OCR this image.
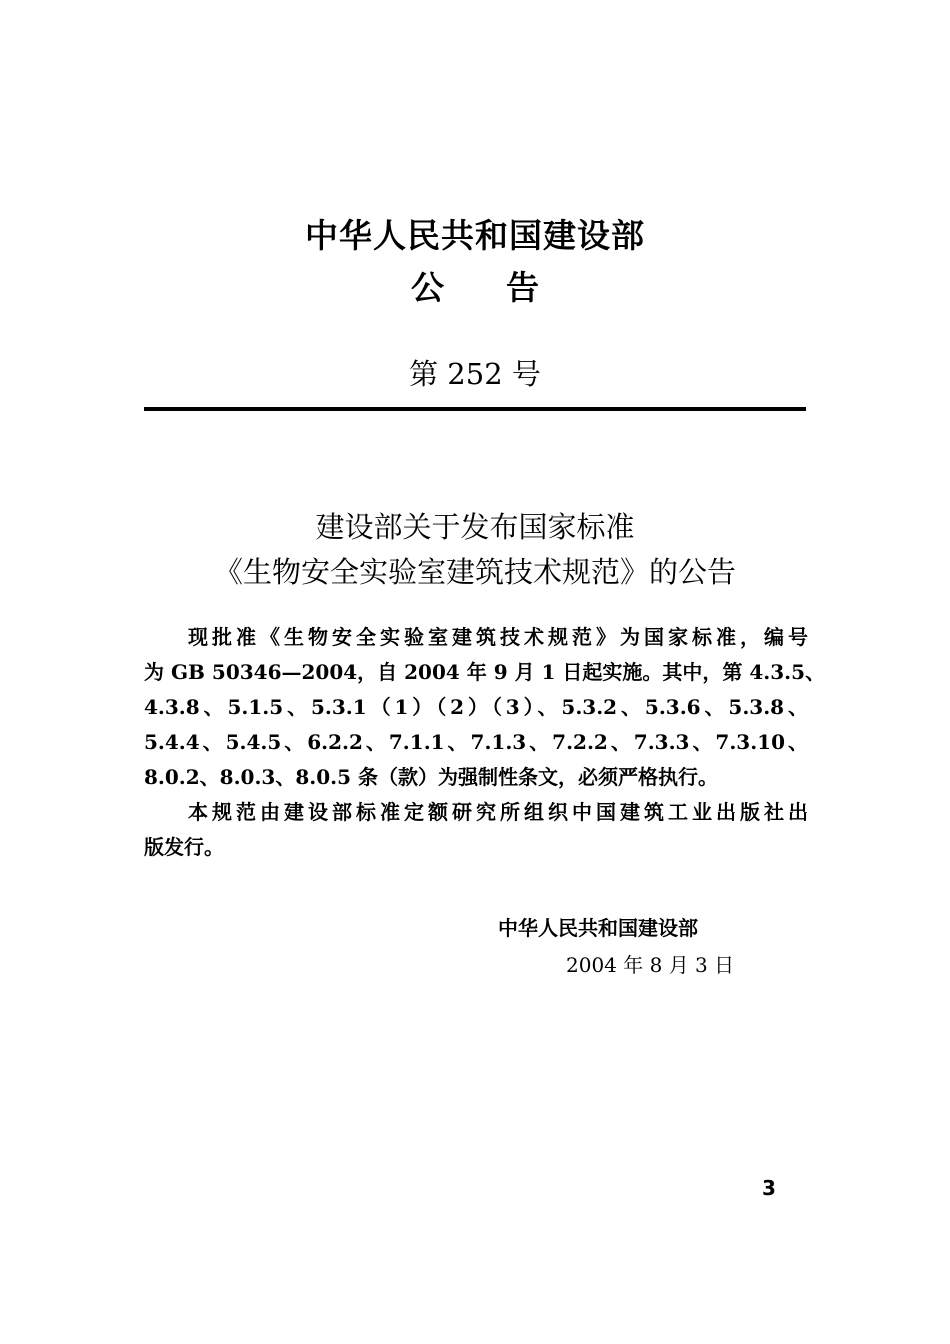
中华人民共和国建设部
公告
第 252 号
建设部关于发布国家标准
《生物安全实验室建筑技术规范》的公告
现批准《生物安全实验室建筑技术规范》为国家标准，编号
为 GB 50346—2004，自 2004 年 9 月 1 日起实施。其中，第 4.3.5、
4.3.8、5.1.5、5.3.1（1）（2）（3）、5.3.2、5.3.6、5.3.8、
5.4.4、5.4.5、6.2.2、7.1.1、7.1.3、7.2.2、7.3.3、7.3.10、
8.0.2、8.0.3、8.0.5 条（款）为强制性条文，必须严格执行。
本规范由建设部标准定额研究所组织中国建筑工业出版社出
版发行。
中华人民共和国建设部
2004 年 8 月 3 日
3
